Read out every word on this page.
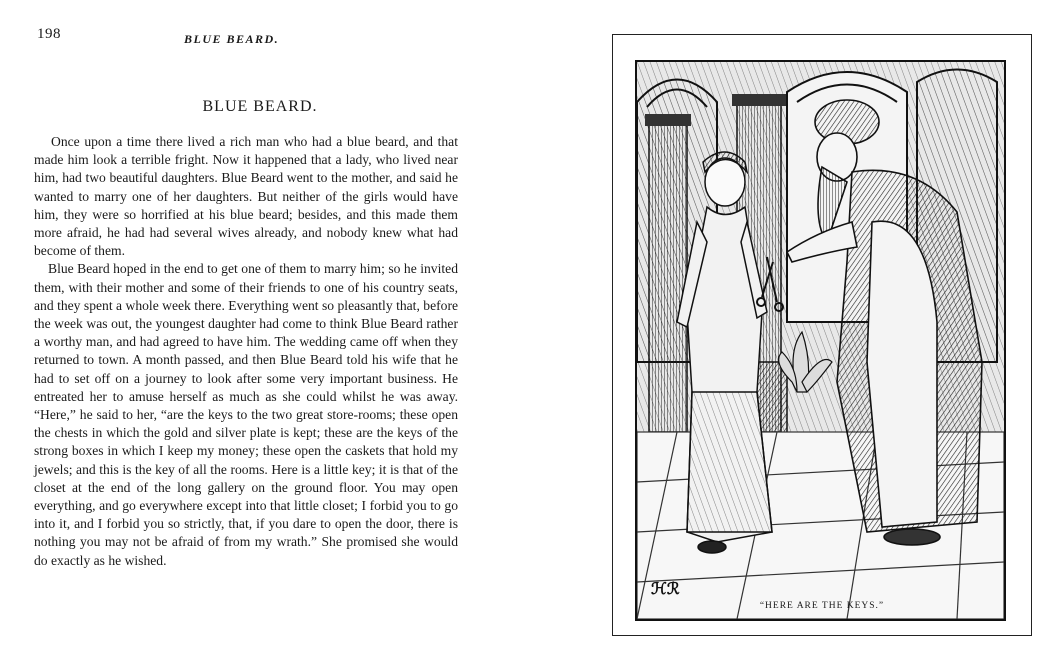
198	BLUE BEARD.
BLUE BEARD.

Once upon a time there lived a rich man who had a blue beard, and that made him look a terrible fright. Now it happened that a lady, who lived near him, had two beautiful daughters. Blue Beard went to the mother, and said he wanted to marry one of her daughters. But neither of the girls would have him, they were so horrified at his blue beard; besides, and this made them more afraid, he had had several wives already, and nobody knew what had become of them.

Blue Beard hoped in the end to get one of them to marry him; so he invited them, with their mother and some of their friends to one of his country seats, and they spent a whole week there. Everything went so pleasantly that, before the week was out, the youngest daughter had come to think Blue Beard rather a worthy man, and had agreed to have him. The wedding came off when they returned to town. A month passed, and then Blue Beard told his wife that he had to set off on a journey to look after some very important business. He entreated her to amuse herself as much as she could whilst he was away. “Here,” he said to her, “are the keys to the two great store-rooms; these open the chests in which the gold and silver plate is kept; these are the keys of the strong boxes in which I keep my money; these open the caskets that hold my jewels; and this is the key of all the rooms. Here is a little key; it is that of the closet at the end of the long gallery on the ground floor. You may open everything, and go everywhere except into that little closet; I forbid you to go into it, and I forbid you so strictly, that, if you dare to open the door, there is nothing you may not be afraid of from my wrath.” She promised she would do exactly as he wished.

ℋℛ
“HERE ARE THE KEYS.”
